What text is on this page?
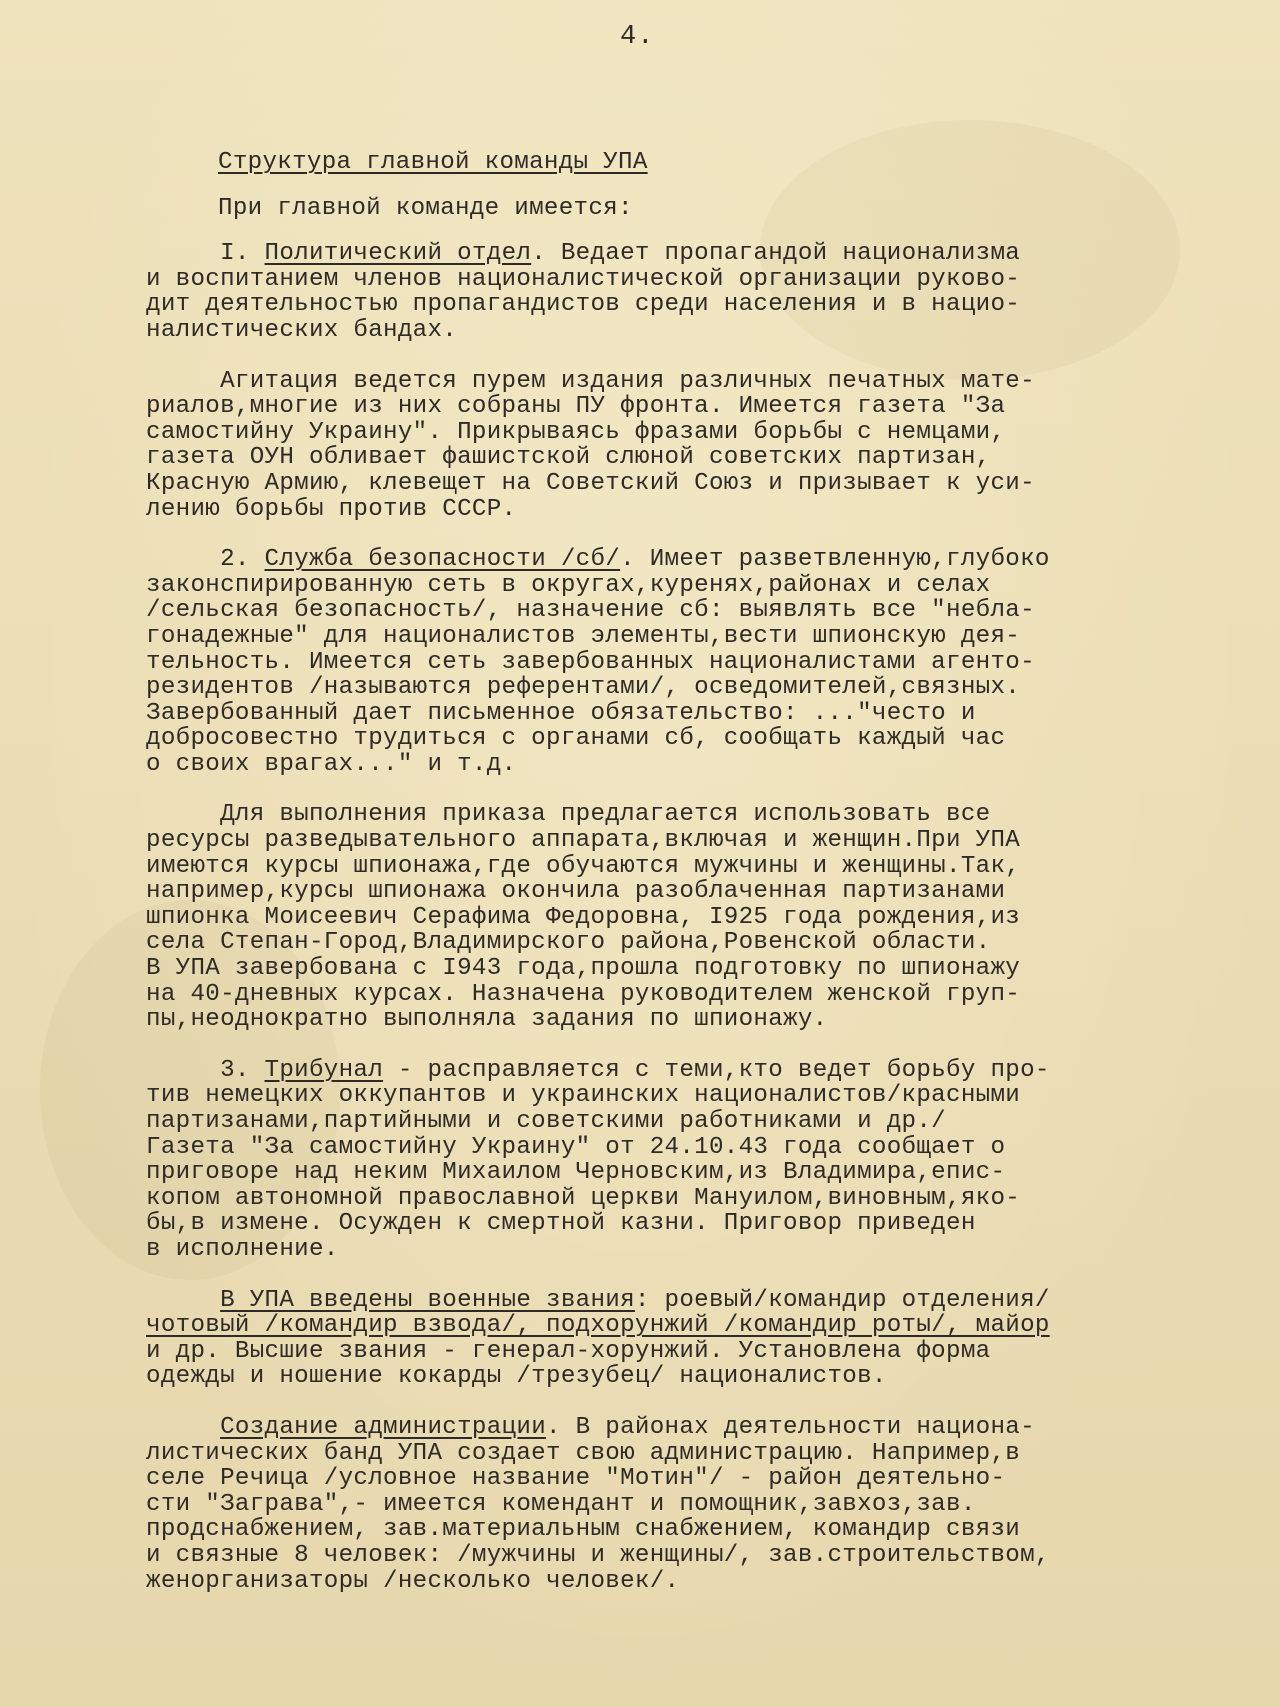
4.
Структура главной команды УПА
При главной команде имеется:
I. Политический отдел. Ведает пропагандой национализма
и воспитанием членов националистической организации руково-
дит деятельностью пропагандистов среди населения и в нацио-
налистических бандах.
Агитация ведется пурем издания различных печатных мате-
риалов,многие из них собраны ПУ фронта. Имеется газета "За
самостийну Украину". Прикрываясь фразами борьбы с немцами,
газета ОУН обливает фашистской слюной советских партизан,
Красную Армию, клевещет на Советский Союз и призывает к уси-
лению борьбы против СССР.
2. Служба безопасности /сб/. Имеет разветвленную,глубоко
законспирированную сеть в округах,куренях,районах и селах
/сельская безопасность/, назначение сб: выявлять все "небла-
гонадежные" для националистов элементы,вести шпионскую дея-
тельность. Имеется сеть завербованных националистами агенто-
резидентов /называются референтами/, осведомителей,связных.
Завербованный дает письменное обязательство: ..."често и
добросовестно трудиться с органами сб, сообщать каждый час
о своих врагах..." и т.д.
Для выполнения приказа предлагается использовать все
ресурсы разведывательного аппарата,включая и женщин.При УПА
имеются курсы шпионажа,где обучаются мужчины и женщины.Так,
например,курсы шпионажа окончила разоблаченная партизанами
шпионка Моисеевич Серафима Федоровна, I925 года рождения,из
села Степан-Город,Владимирского района,Ровенской области.
В УПА завербована с I943 года,прошла подготовку по шпионажу
на 40-дневных курсах. Назначена руководителем женской груп-
пы,неоднократно выполняла задания по шпионажу.
3. Трибунал - расправляется с теми,кто ведет борьбу про-
тив немецких оккупантов и украинских националистов/красными
партизанами,партийными и советскими работниками и др./
Газета "За самостийну Украину" от 24.10.43 года сообщает о
приговоре над неким Михаилом Черновским,из Владимира,епис-
копом автономной православной церкви Мануилом,виновным,яко-
бы,в измене. Осужден к смертной казни. Приговор приведен
в исполнение.
В УПА введены военные звания: роевый/командир отделения/
чотовый /командир взвода/, подхорунжий /командир роты/, майор
и др. Высшие звания - генерал-хорунжий. Установлена форма
одежды и ношение кокарды /трезубец/ националистов.
Создание администрации. В районах деятельности национа-
листических банд УПА создает свою администрацию. Например,в
селе Речица /условное название "Мотин"/ - район деятельно-
сти "Заграва",- имеется комендант и помощник,завхоз,зав.
продснабжением, зав.материальным снабжением, командир связи
и связные 8 человек: /мужчины и женщины/, зав.строительством,
женорганизаторы /несколько человек/.
